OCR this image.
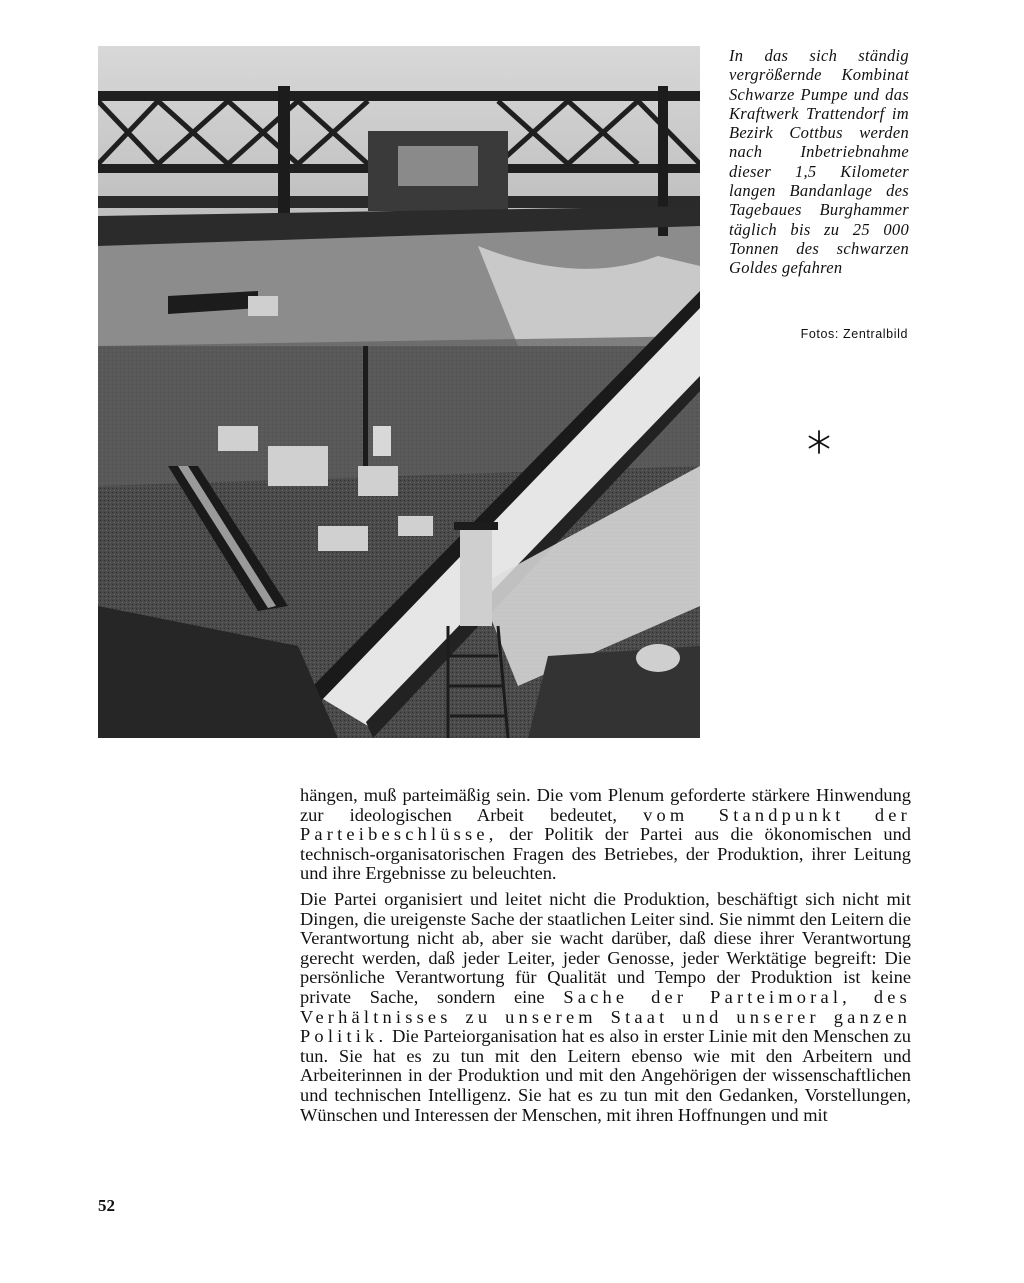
In das sich ständig vergrößernde Kombinat Schwarze Pumpe und das Kraftwerk Trattendorf im Bezirk Cottbus werden nach Inbetriebnahme dieser 1,5 Kilometer langen Bandanlage des Tagebaues Burghammer täglich bis zu 25 000 Tonnen des schwarzen Goldes gefahren
Fotos: Zentralbild

hängen, muß parteimäßig sein. Die vom Plenum geforderte stärkere Hinwendung zur ideologischen Arbeit bedeutet, vom Standpunkt der Parteibeschlüsse, der Politik der Partei aus die ökonomischen und technisch-organisatorischen Fragen des Betriebes, der Produktion, ihrer Leitung und ihre Ergebnisse zu beleuchten.

Die Partei organisiert und leitet nicht die Produktion, beschäftigt sich nicht mit Dingen, die ureigenste Sache der staatlichen Leiter sind. Sie nimmt den Leitern die Verantwortung nicht ab, aber sie wacht darüber, daß diese ihrer Verantwortung gerecht werden, daß jeder Leiter, jeder Genosse, jeder Werktätige begreift: Die persönliche Verantwortung für Qualität und Tempo der Produktion ist keine private Sache, sondern eine Sache der Parteimoral, des Verhältnisses zu unserem Staat und unserer ganzen Politik. Die Parteiorganisation hat es also in erster Linie mit den Menschen zu tun. Sie hat es zu tun mit den Leitern ebenso wie mit den Arbeitern und Arbeiterinnen in der Produktion und mit den Angehörigen der wissenschaftlichen und technischen Intelligenz. Sie hat es zu tun mit den Gedanken, Vorstellungen, Wünschen und Interessen der Menschen, mit ihren Hoffnungen und mit

52
